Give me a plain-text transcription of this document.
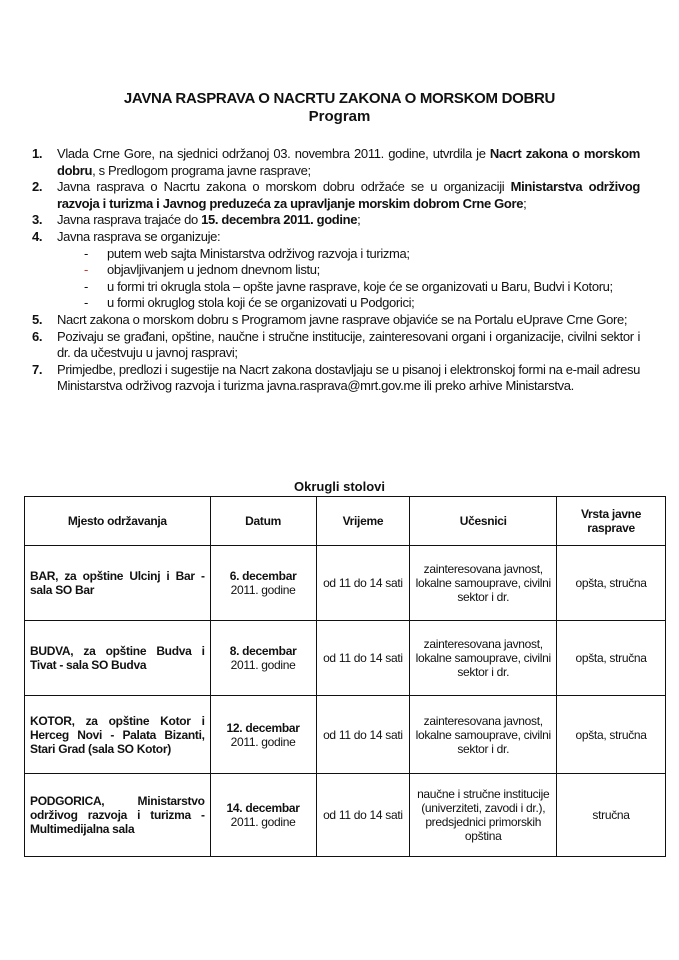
JAVNA RASPRAVA O NACRTU ZAKONA O MORSKOM DOBRU
Program
1. Vlada Crne Gore, na sjednici održanoj 03. novembra 2011. godine, utvrdila je Nacrt zakona o morskom dobru, s Predlogom programa javne rasprave;
2. Javna rasprava o Nacrtu zakona o morskom dobru održaće se u organizaciji Ministarstva održivog razvoja i turizma i Javnog preduzeća za upravljanje morskim dobrom Crne Gore;
3. Javna rasprava trajaće do 15. decembra 2011. godine;
4. Javna rasprava se organizuje:
- putem web sajta Ministarstva održivog razvoja i turizma;
- objavljivanjem u jednom dnevnom listu;
- u formi tri okrugla stola – opšte javne rasprave, koje će se organizovati u Baru, Budvi i Kotoru;
- u formi okruglog stola koji će se organizovati u Podgorici;
5. Nacrt zakona o morskom dobru s Programom javne rasprave objaviće se na Portalu eUprave Crne Gore;
6. Pozivaju se građani, opštine, naučne i stručne institucije, zainteresovani organi i organizacije, civilni sektor i dr. da učestvuju u javnoj raspravi;
7. Primjedbe, predlozi i sugestije na Nacrt zakona dostavljaju se u pisanoj i elektronskoj formi na e-mail adresu Ministarstva održivog razvoja i turizma javna.rasprava@mrt.gov.me ili preko arhive Ministarstva.
Okrugli stolovi
Mjesto održavanja	Datum	Vrijeme	Učesnici	Vrsta javne rasprave
BAR, za opštine Ulcinj i Bar - sala SO Bar	6. decembar
2011. godine	od 11 do 14 sati	zainteresovana javnost, lokalne samouprave, civilni sektor i dr.	opšta, stručna
BUDVA, za opštine Budva i Tivat - sala SO Budva	8. decembar
2011. godine	od 11 do 14 sati	zainteresovana javnost, lokalne samouprave, civilni sektor i dr.	opšta, stručna
KOTOR, za opštine Kotor i Herceg Novi - Palata Bizanti, Stari Grad (sala SO Kotor)	12. decembar
2011. godine	od 11 do 14 sati	zainteresovana javnost, lokalne samouprave, civilni sektor i dr.	opšta, stručna
PODGORICA, Ministarstvo održivog razvoja i turizma - Multimedijalna sala	14. decembar
2011. godine	od 11 do 14 sati	naučne i stručne institucije (univerziteti, zavodi i dr.), predsjednici primorskih opština	stručna
